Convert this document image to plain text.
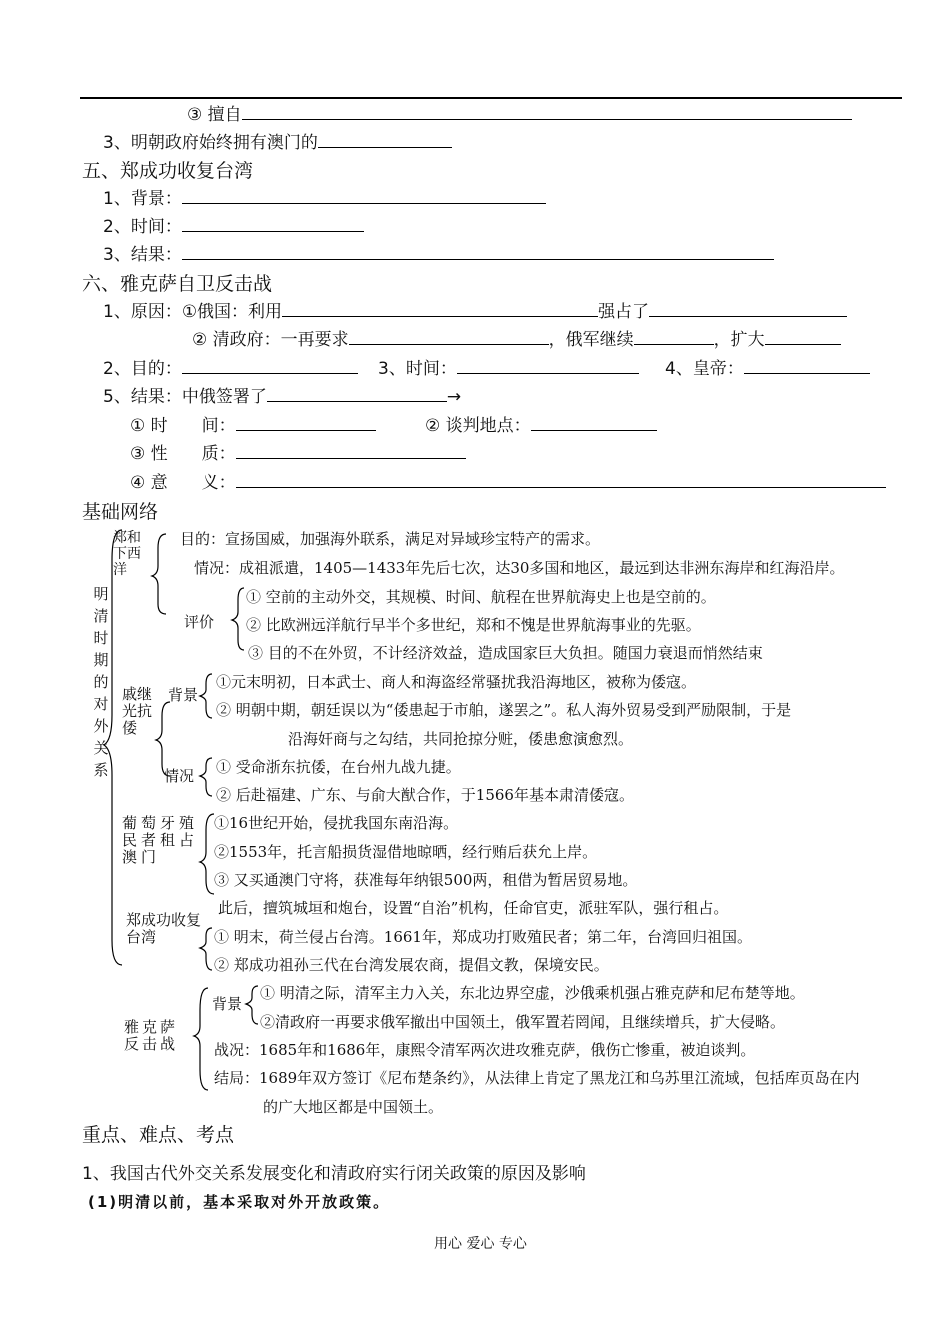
③ 擅自
3、明朝政府始终拥有澳门的
五、郑成功收复台湾
1、背景：
2、时间：
3、结果：
六、雅克萨自卫反击战
1、原因：①俄国：利用	强占了
② 清政府：一再要求	，俄军继续	，扩大
2、目的：	3、时间：	4、皇帝：
5、结果：中俄签署了	→
① 时　　间：	② 谈判地点：
③ 性　　质：
④ 意　　义：
基础网络
明清时期的对外关系
郑和下西洋
目的：宣扬国威，加强海外联系，满足对异域珍宝特产的需求。
情况：成祖派遣，1405—1433年先后七次，达30多国和地区，最远到达非洲东海岸和红海沿岸。
评价
① 空前的主动外交，其规模、时间、航程在世界航海史上也是空前的。
② 比欧洲远洋航行早半个多世纪，郑和不愧是世界航海事业的先驱。
③ 目的不在外贸，不计经济效益，造成国家巨大负担。随国力衰退而悄然结束
戚继光抗倭
背景
①元末明初，日本武士、商人和海盗经常骚扰我沿海地区，被称为倭寇。
② 明朝中期，朝廷误以为“倭患起于市舶，遂罢之”。私人海外贸易受到严励限制，于是
沿海奸商与之勾结，共同抢掠分赃，倭患愈演愈烈。
情况 ① 受命浙东抗倭，在台州九战九捷。
② 后赴福建、广东、与俞大猷合作，于1566年基本肃清倭寇。
葡萄牙殖民者租占澳门
①16世纪开始，侵扰我国东南沿海。
②1553年，托言船损货湿借地晾晒，经行贿后获允上岸。
③ 又买通澳门守将，获准每年纳银500两，租借为暂居贸易地。
此后，擅筑城垣和炮台，设置“自治”机构，任命官吏，派驻军队，强行租占。
郑成功收复台湾	① 明末，荷兰侵占台湾。1661年，郑成功打败殖民者；第二年，台湾回归祖国。
② 郑成功祖孙三代在台湾发展农商，提倡文教，保境安民。
雅克萨反击战
背景
① 明清之际，清军主力入关，东北边界空虚，沙俄乘机强占雅克萨和尼布楚等地。
②清政府一再要求俄军撤出中国领土，俄军置若罔闻，且继续增兵，扩大侵略。
战况：1685年和1686年，康熙令清军两次进攻雅克萨，俄伤亡惨重，被迫谈判。
结局：1689年双方签订《尼布楚条约》，从法律上肯定了黑龙江和乌苏里江流域，包括库页岛在内
的广大地区都是中国领土。
重点、难点、考点
1、我国古代外交关系发展变化和清政府实行闭关政策的原因及影响
(1)明清以前，基本采取对外开放政策。
用心 爱心 专心
